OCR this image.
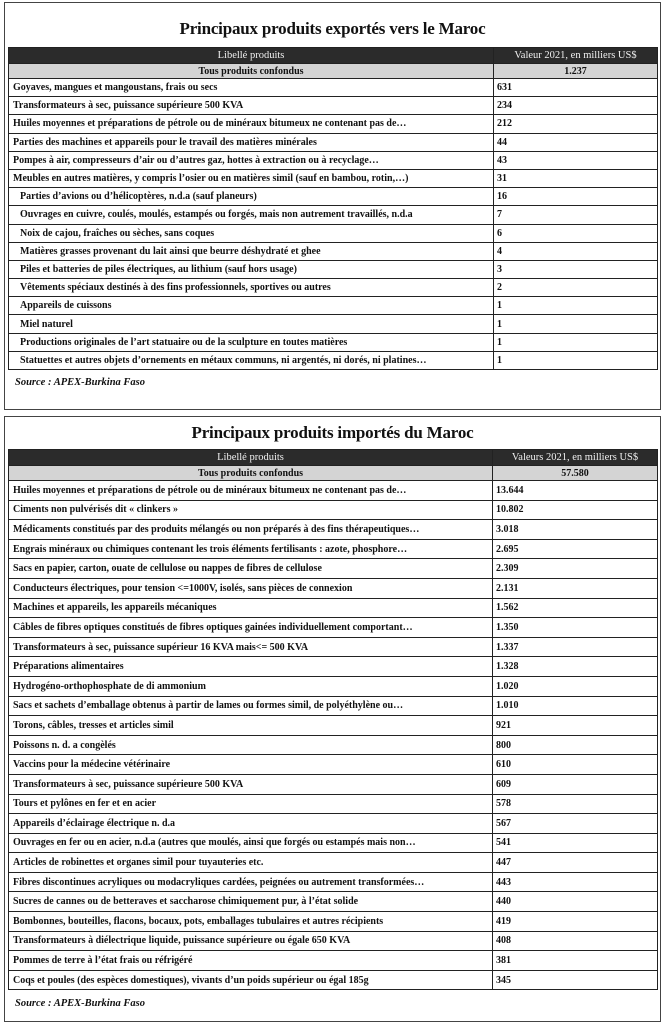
Principaux produits exportés vers le Maroc
Libellé produits	Valeur 2021, en milliers US$
Tous produits confondus	1.237
Goyaves, mangues et mangoustans, frais ou secs	631
Transformateurs à sec, puissance supérieure 500 KVA	234
Huiles moyennes et préparations de pétrole ou de minéraux bitumeux ne contenant pas de…	212
Parties des machines et appareils pour le travail des matières minérales	44
Pompes à air, compresseurs d’air ou d’autres gaz, hottes à extraction ou à recyclage…	43
Meubles en autres matières, y compris l’osier ou en matières simil (sauf en bambou, rotin,…)	31
Parties d’avions ou d’hélicoptères, n.d.a (sauf planeurs)	16
Ouvrages en cuivre, coulés, moulés, estampés ou forgés, mais non autrement travaillés, n.d.a	7
Noix de cajou, fraîches ou sèches, sans coques	6
Matières grasses provenant du lait ainsi que beurre déshydraté et ghee	4
Piles et batteries de piles électriques, au lithium (sauf hors usage)	3
Vêtements spéciaux destinés à des fins professionnels, sportives ou autres	2
Appareils de cuissons	1
Miel naturel	1
Productions originales de l’art statuaire ou de la sculpture en toutes matières	1
Statuettes et autres objets d’ornements en métaux communs, ni argentés, ni dorés, ni platines…	1
Source : APEX-Burkina Faso
Principaux produits importés du Maroc
Libellé produits	Valeurs 2021, en milliers US$
Tous produits confondus	57.580
Huiles moyennes et préparations de pétrole ou de minéraux bitumeux ne contenant pas de…	13.644
Ciments non pulvérisés dit « clinkers »	10.802
Médicaments constitués par des produits mélangés ou non préparés à des fins thérapeutiques…	3.018
Engrais minéraux ou chimiques contenant les trois éléments fertilisants : azote, phosphore…	2.695
Sacs en papier, carton, ouate de cellulose ou nappes de fibres de cellulose	2.309
Conducteurs électriques, pour tension <=1000V, isolés, sans pièces de connexion	2.131
Machines et appareils, les appareils mécaniques	1.562
Câbles de fibres optiques constitués de fibres optiques gainées individuellement comportant…	1.350
Transformateurs à sec, puissance supérieur 16 KVA mais<= 500 KVA	1.337
Préparations alimentaires	1.328
Hydrogéno-orthophosphate de di ammonium	1.020
Sacs et sachets d’emballage obtenus à partir de lames ou formes simil, de polyéthylène ou…	1.010
Torons, câbles, tresses et articles simil	921
Poissons n. d. a congèlés	800
Vaccins pour la médecine vétérinaire	610
Transformateurs à sec, puissance supérieure 500 KVA	609
Tours et pylônes en fer et en acier	578
Appareils d’éclairage électrique n. d.a	567
Ouvrages en fer ou en acier, n.d.a (autres que moulés, ainsi que forgés ou estampés mais non…	541
Articles de robinettes et organes simil pour tuyauteries etc.	447
Fibres discontinues acryliques ou modacryliques cardées, peignées ou autrement transformées…	443
Sucres de cannes ou de betteraves et saccharose chimiquement pur, à l’état solide	440
Bombonnes, bouteilles, flacons, bocaux, pots, emballages tubulaires et autres récipients	419
Transformateurs à diélectrique liquide, puissance supérieure ou égale 650 KVA	408
Pommes de terre à l’état frais ou réfrigéré	381
Coqs et poules (des espèces domestiques), vivants d’un poids supérieur ou égal 185g	345
Source : APEX-Burkina Faso
